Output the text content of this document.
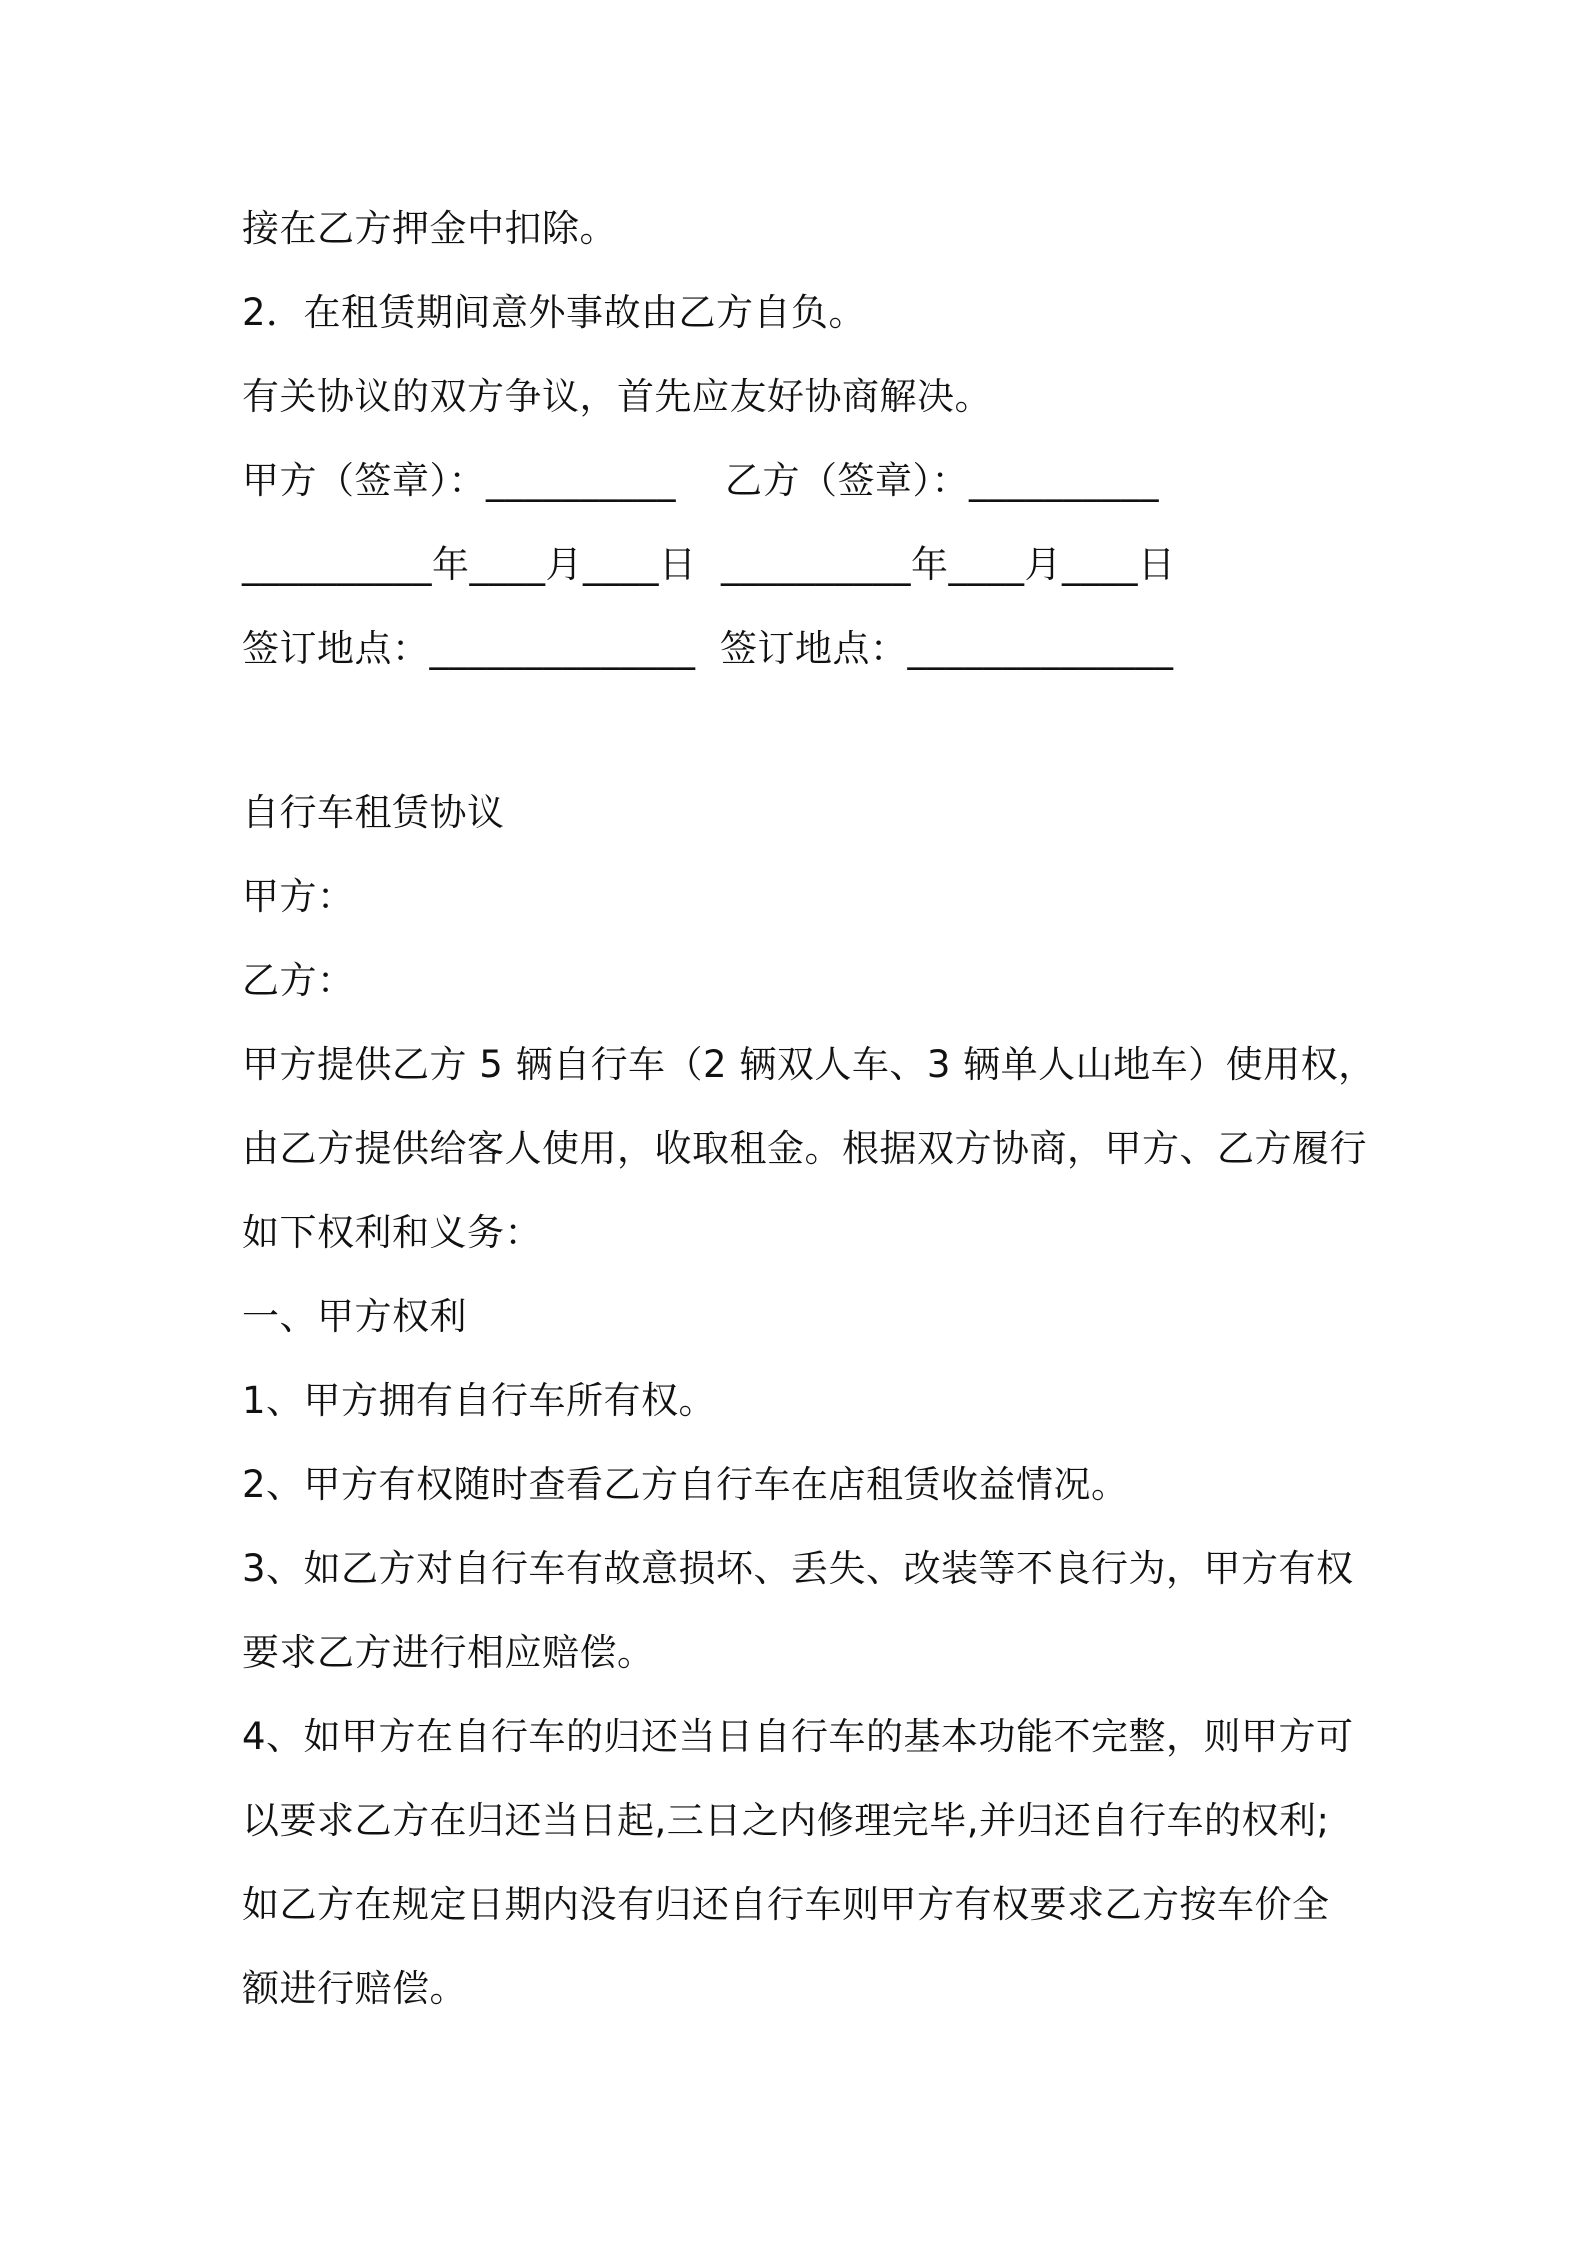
接在乙方押金中扣除。
2．在租赁期间意外事故由乙方自负。
有关协议的双方争议，首先应友好协商解决。
甲方（签章）：__________    乙方（签章）：__________
__________年____月____日  __________年____月____日
签订地点：______________  签订地点：______________
自行车租赁协议
甲方：
乙方：
甲方提供乙方 5 辆自行车（2 辆双人车、3 辆单人山地车）使用权，
由乙方提供给客人使用，收取租金。根据双方协商，甲方、乙方履行
如下权利和义务：
一、甲方权利
1、甲方拥有自行车所有权。
2、甲方有权随时查看乙方自行车在店租赁收益情况。
3、如乙方对自行车有故意损坏、丢失、改装等不良行为，甲方有权
要求乙方进行相应赔偿。
4、如甲方在自行车的归还当日自行车的基本功能不完整，则甲方可
以要求乙方在归还当日起,三日之内修理完毕,并归还自行车的权利;
如乙方在规定日期内没有归还自行车则甲方有权要求乙方按车价全
额进行赔偿。
